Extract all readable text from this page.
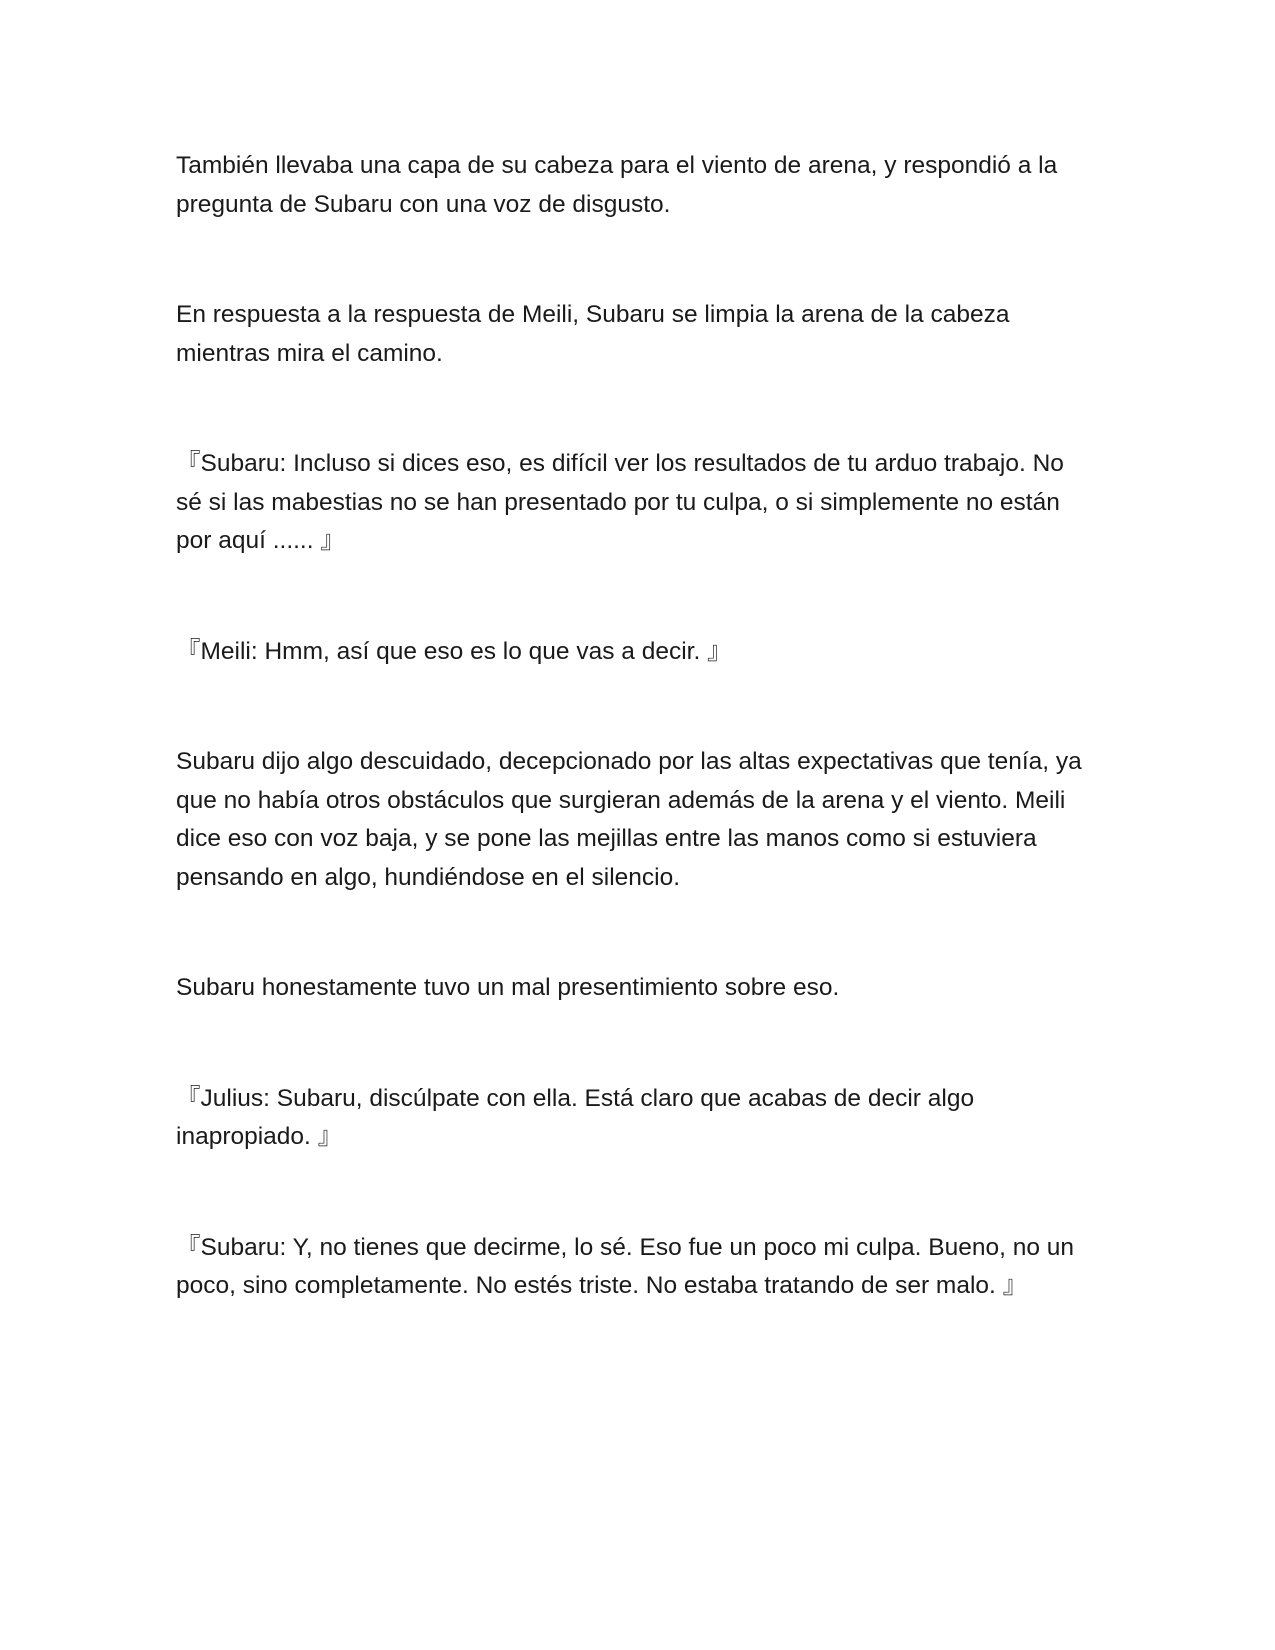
También llevaba una capa de su cabeza para el viento de arena, y respondió a la pregunta de Subaru con una voz de disgusto.

En respuesta a la respuesta de Meili, Subaru se limpia la arena de la cabeza mientras mira el camino.

『Subaru: Incluso si dices eso, es difícil ver los resultados de tu arduo trabajo. No sé si las mabestias no se han presentado por tu culpa, o si simplemente no están por aquí ...... 』

『Meili: Hmm, así que eso es lo que vas a decir. 』

Subaru dijo algo descuidado, decepcionado por las altas expectativas que tenía, ya que no había otros obstáculos que surgieran además de la arena y el viento. Meili dice eso con voz baja, y se pone las mejillas entre las manos como si estuviera pensando en algo, hundiéndose en el silencio.

Subaru honestamente tuvo un mal presentimiento sobre eso.

『Julius: Subaru, discúlpate con ella. Está claro que acabas de decir algo inapropiado. 』

『Subaru: Y, no tienes que decirme, lo sé. Eso fue un poco mi culpa. Bueno, no un poco, sino completamente. No estés triste. No estaba tratando de ser malo. 』
